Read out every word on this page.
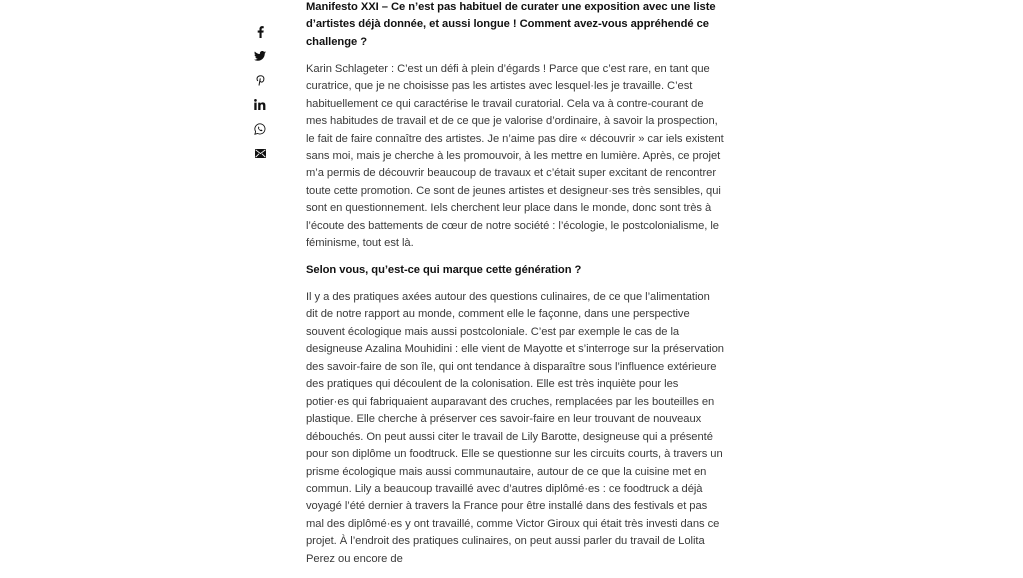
Manifesto XXI – Ce n’est pas habituel de curater une exposition avec une liste d’artistes déjà donnée, et aussi longue ! Comment avez-vous appréhendé ce challenge ?

Karin Schlageter : C’est un défi à plein d’égards ! Parce que c’est rare, en tant que curatrice, que je ne choisisse pas les artistes avec lesquel·les je travaille. C’est habituellement ce qui caractérise le travail curatorial. Cela va à contre-courant de mes habitudes de travail et de ce que je valorise d’ordinaire, à savoir la prospection, le fait de faire connaître des artistes. Je n’aime pas dire « découvrir » car iels existent sans moi, mais je cherche à les promouvoir, à les mettre en lumière. Après, ce projet m’a permis de découvrir beaucoup de travaux et c’était super excitant de rencontrer toute cette promotion. Ce sont de jeunes artistes et designeur·ses très sensibles, qui sont en questionnement. Iels cherchent leur place dans le monde, donc sont très à l’écoute des battements de cœur de notre société : l’écologie, le postcolonialisme, le féminisme, tout est là.

Selon vous, qu’est-ce qui marque cette génération ?

Il y a des pratiques axées autour des questions culinaires, de ce que l’alimentation dit de notre rapport au monde, comment elle le façonne, dans une perspective souvent écologique mais aussi postcoloniale. C’est par exemple le cas de la designeuse Azalina Mouhidini : elle vient de Mayotte et s’interroge sur la préservation des savoir-faire de son île, qui ont tendance à disparaître sous l’influence extérieure des pratiques qui découlent de la colonisation. Elle est très inquiète pour les potier·es qui fabriquaient auparavant des cruches, remplacées par les bouteilles en plastique. Elle cherche à préserver ces savoir-faire en leur trouvant de nouveaux débouchés. On peut aussi citer le travail de Lily Barotte, designeuse qui a présenté pour son diplôme un foodtruck. Elle se questionne sur les circuits courts, à travers un prisme écologique mais aussi communautaire, autour de ce que la cuisine met en commun. Lily a beaucoup travaillé avec d’autres diplômé·es : ce foodtruck a déjà voyagé l’été dernier à travers la France pour être installé dans des festivals et pas mal des diplômé·es y ont travaillé, comme Victor Giroux qui était très investi dans ce projet. À l’endroit des pratiques culinaires, on peut aussi parler du travail de Lolita Perez ou encore de
